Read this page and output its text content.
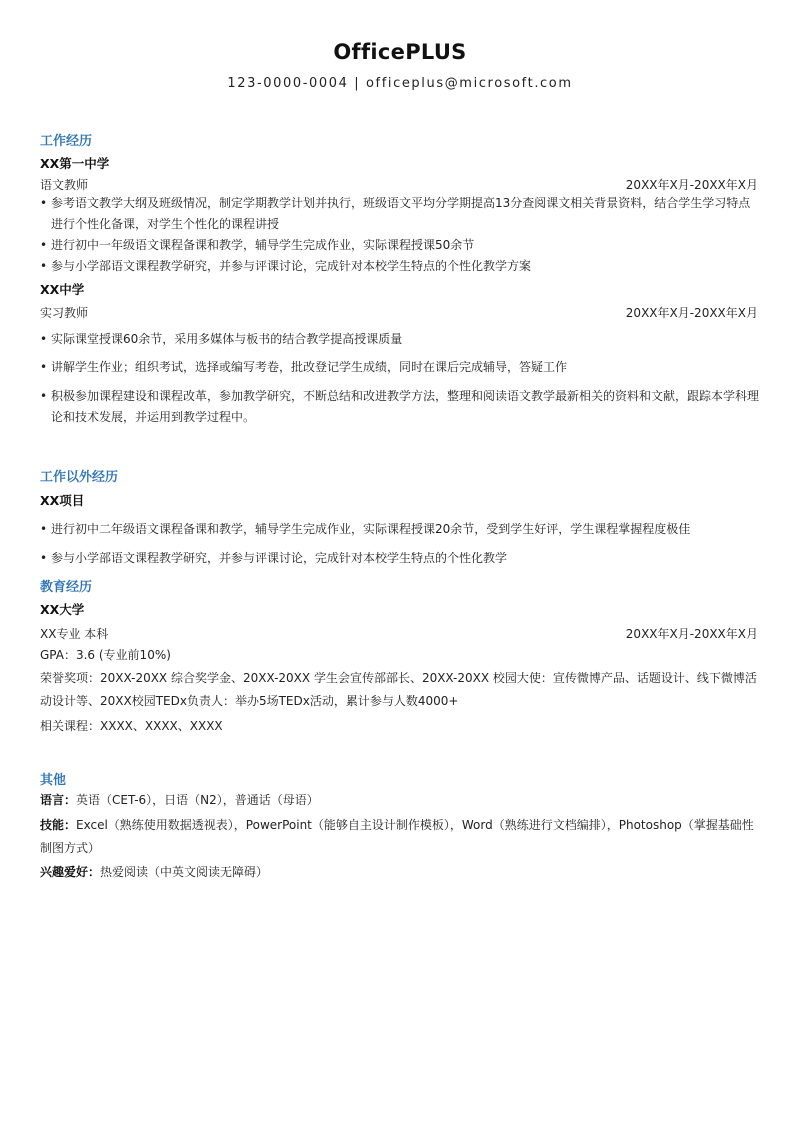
OfficePLUS
123-0000-0004 | officeplus@microsoft.com
工作经历
XX第一中学
语文教师	20XX年X月-20XX年X月
• 参考语文教学大纲及班级情况，制定学期教学计划并执行，班级语文平均分学期提高13分查阅课文相关背景资料，结合学生学习特点进行个性化备课，对学生个性化的课程讲授
• 进行初中一年级语文课程备课和教学，辅导学生完成作业，实际课程授课50余节
• 参与小学部语文课程教学研究，并参与评课讨论，完成针对本校学生特点的个性化教学方案
XX中学
实习教师	20XX年X月-20XX年X月
• 实际课堂授课60余节，采用多媒体与板书的结合教学提高授课质量
• 讲解学生作业；组织考试，选择或编写考卷，批改登记学生成绩，同时在课后完成辅导，答疑工作
• 积极参加课程建设和课程改革，参加教学研究，不断总结和改进教学方法，整理和阅读语文教学最新相关的资料和文献，跟踪本学科理论和技术发展，并运用到教学过程中。
工作以外经历
XX项目
• 进行初中二年级语文课程备课和教学，辅导学生完成作业，实际课程授课20余节，受到学生好评，学生课程掌握程度极佳
• 参与小学部语文课程教学研究，并参与评课讨论，完成针对本校学生特点的个性化教学
教育经历
XX大学
XX专业 本科	20XX年X月-20XX年X月
GPA：3.6 (专业前10%)
荣誉奖项：20XX-20XX 综合奖学金、20XX-20XX 学生会宣传部部长、20XX-20XX 校园大使：宣传微博产品、话题设计、线下微博活动设计等、20XX校园TEDx负责人：举办5场TEDx活动，累计参与人数4000+
相关课程：XXXX、XXXX、XXXX
其他
语言：英语（CET-6），日语（N2），普通话（母语）
技能：Excel（熟练使用数据透视表），PowerPoint（能够自主设计制作模板），Word（熟练进行文档编排），Photoshop（掌握基础性制图方式）
兴趣爱好：热爱阅读（中英文阅读无障碍）
